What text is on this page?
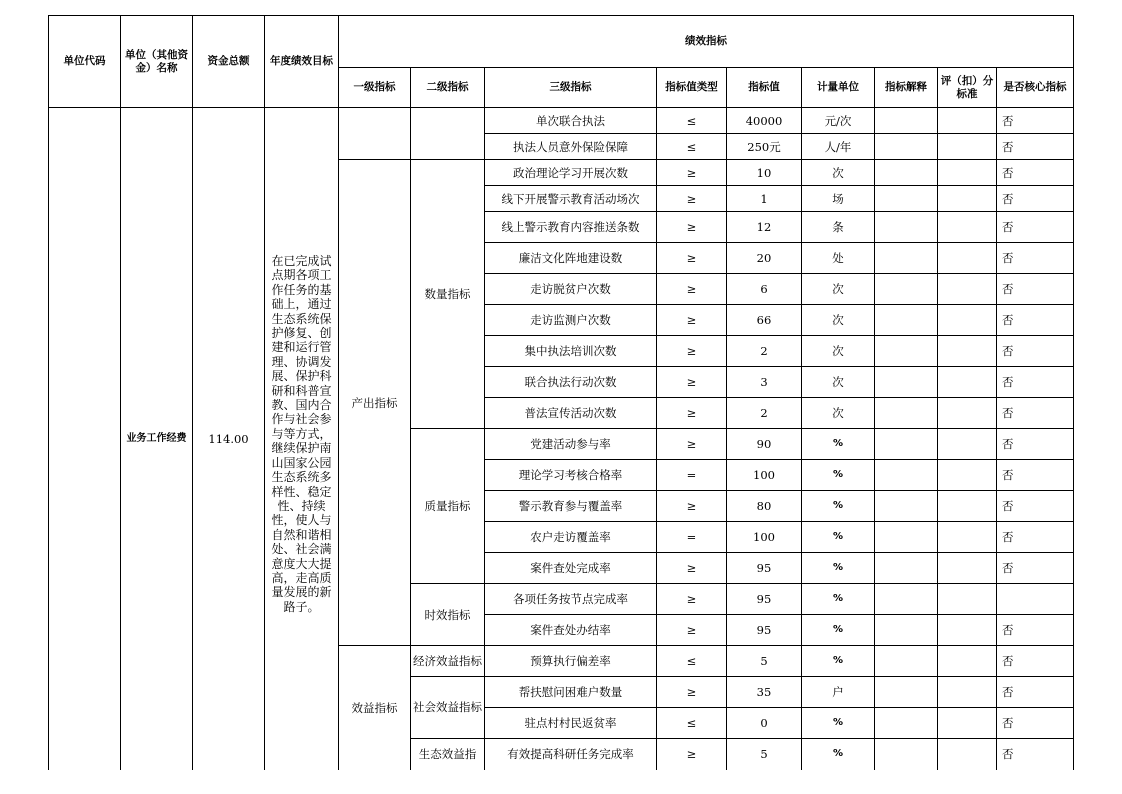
单位代码	单位（其他资金）名称	资金总额	年度绩效目标	绩效指标								
				一级指标	二级指标	三级指标	指标值类型	指标值	计量单位	指标解释	评（扣）分标准	是否核心指标
	业务工作经费	114.00	在已完成试点期各项工作任务的基础上，通过生态系统保护修复、创建和运行管理、协调发展、保护科研和科普宣教、国内合作与社会参与等方式，继续保护南山国家公园生态系统多样性、稳定性、持续性，使人与自然和谐相处、社会满意度大大提高，走高质量发展的新路子。			单次联合执法	≤	40000	元/次			否
						执法人员意外保险保障	≤	250元	人/年			否
				产出指标	数量指标	政治理论学习开展次数	≥	10	次			否
						线下开展警示教育活动场次	≥	1	场			否
						线上警示教育内容推送条数	≥	12	条			否
						廉洁文化阵地建设数	≥	20	处			否
						走访脱贫户次数	≥	6	次			否
						走访监测户次数	≥	66	次			否
						集中执法培训次数	≥	2	次			否
						联合执法行动次数	≥	3	次			否
						普法宣传活动次数	≥	2	次			否
					质量指标	党建活动参与率	≥	90	%			否
						理论学习考核合格率	=	100	%			否
						警示教育参与覆盖率	≥	80	%			否
						农户走访覆盖率	=	100	%			否
						案件查处完成率	≥	95	%			否
					时效指标	各项任务按节点完成率	≥	95	%			
						案件查处办结率	≥	95	%			否
				效益指标	经济效益指标	预算执行偏差率	≤	5	%			否
					社会效益指标	帮扶慰问困难户数量	≥	35	户			否
						驻点村村民返贫率	≤	0	%			否
					生态效益指	有效提高科研任务完成率	≥	5	%			否
